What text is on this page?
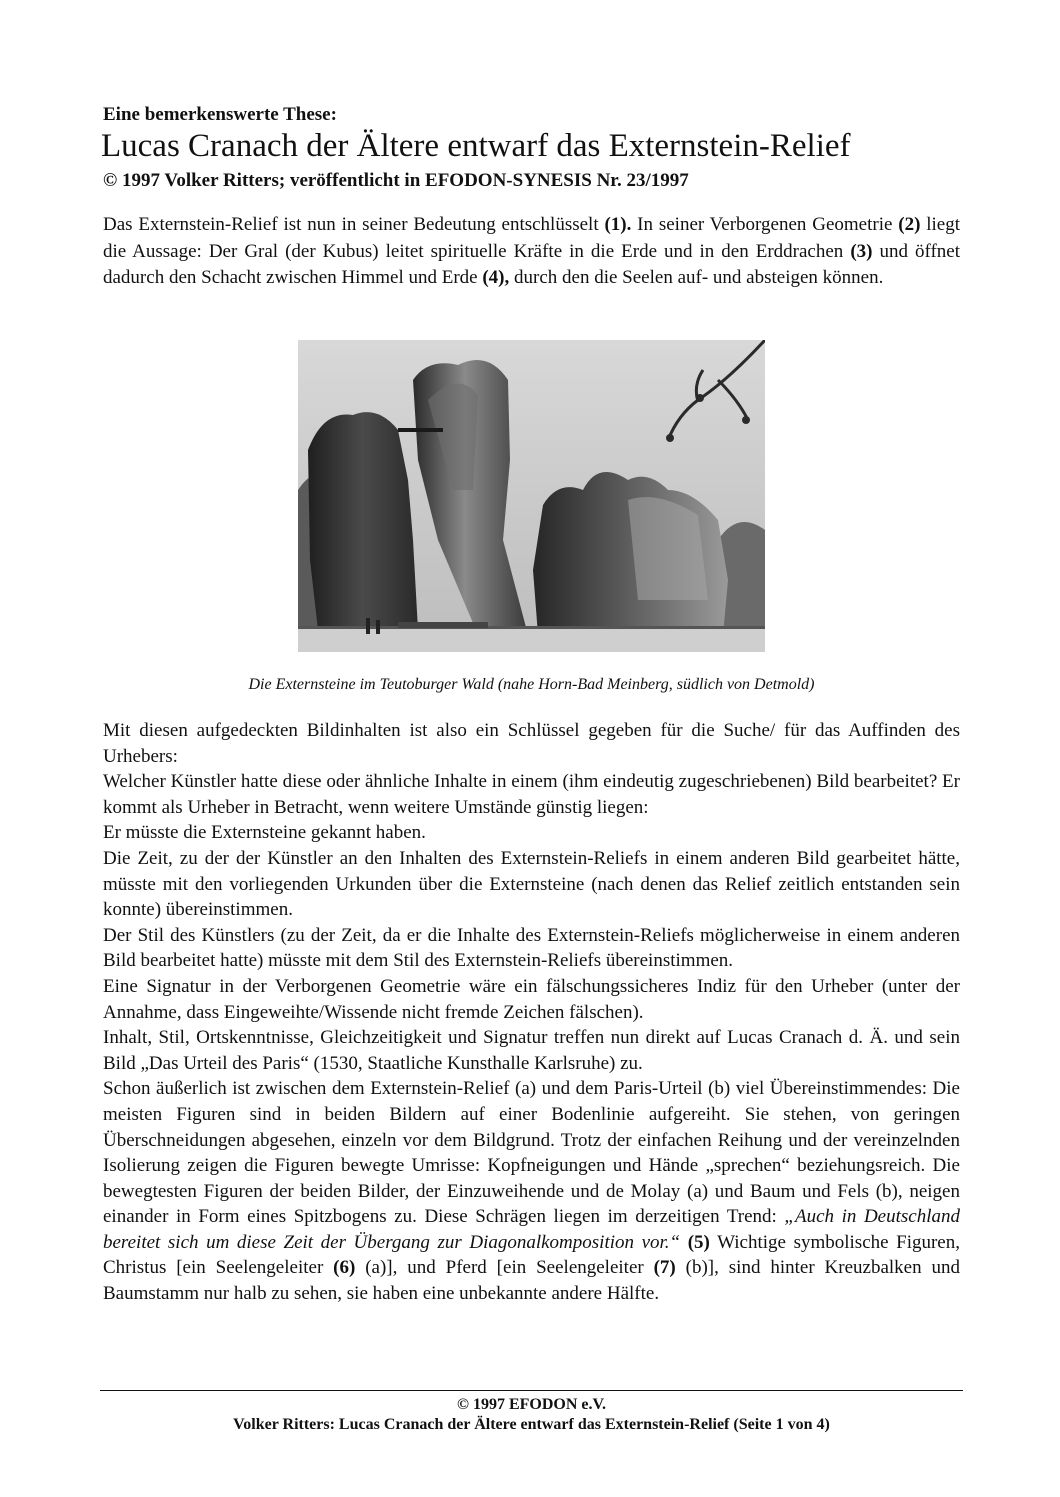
Eine bemerkenswerte These:
Lucas Cranach der Ältere entwarf das Externstein-Relief
© 1997 Volker Ritters; veröffentlicht in EFODON-SYNESIS Nr. 23/1997

Das Externstein-Relief ist nun in seiner Bedeutung entschlüsselt (1). In seiner Verborgenen Geometrie (2) liegt die Aussage: Der Gral (der Kubus) leitet spirituelle Kräfte in die Erde und in den Erddrachen (3) und öffnet dadurch den Schacht zwischen Himmel und Erde (4), durch den die Seelen auf- und absteigen können.

Die Externsteine im Teutoburger Wald (nahe Horn-Bad Meinberg, südlich von Detmold)

Mit diesen aufgedeckten Bildinhalten ist also ein Schlüssel gegeben für die Suche/ für das Auffinden des Urhebers:

Welcher Künstler hatte diese oder ähnliche Inhalte in einem (ihm eindeutig zugeschriebenen) Bild bearbeitet? Er kommt als Urheber in Betracht, wenn weitere Umstände günstig liegen:

Er müsste die Externsteine gekannt haben.

Die Zeit, zu der der Künstler an den Inhalten des Externstein-Reliefs in einem anderen Bild gearbeitet hätte, müsste mit den vorliegenden Urkunden über die Externsteine (nach denen das Relief zeitlich entstanden sein konnte) übereinstimmen.

Der Stil des Künstlers (zu der Zeit, da er die Inhalte des Externstein-Reliefs möglicherweise in einem anderen Bild bearbeitet hatte) müsste mit dem Stil des Externstein-Reliefs übereinstimmen.

Eine Signatur in der Verborgenen Geometrie wäre ein fälschungssicheres Indiz für den Urheber (unter der Annahme, dass Eingeweihte/Wissende nicht fremde Zeichen fälschen).

Inhalt, Stil, Ortskenntnisse, Gleichzeitigkeit und Signatur treffen nun direkt auf Lucas Cranach d. Ä. und sein Bild „Das Urteil des Paris“ (1530, Staatliche Kunsthalle Karlsruhe) zu.

Schon äußerlich ist zwischen dem Externstein-Relief (a) und dem Paris-Urteil (b) viel Übereinstimmendes: Die meisten Figuren sind in beiden Bildern auf einer Bodenlinie aufgereiht. Sie stehen, von geringen Überschneidungen abgesehen, einzeln vor dem Bildgrund. Trotz der einfachen Reihung und der vereinzelnden Isolierung zeigen die Figuren bewegte Umrisse: Kopfneigungen und Hände „sprechen“ beziehungsreich. Die bewegtesten Figuren der beiden Bilder, der Einzuweihende und de Molay (a) und Baum und Fels (b), neigen einander in Form eines Spitzbogens zu. Diese Schrägen liegen im derzeitigen Trend: „Auch in Deutschland bereitet sich um diese Zeit der Übergang zur Diagonalkomposition vor.“ (5) Wichtige symbolische Figuren, Christus [ein Seelengeleiter (6) (a)], und Pferd [ein Seelengeleiter (7) (b)], sind hinter Kreuzbalken und Baumstamm nur halb zu sehen, sie haben eine unbekannte andere Hälfte.

© 1997 EFODON e.V.
Volker Ritters: Lucas Cranach der Ältere entwarf das Externstein-Relief (Seite 1 von 4)
